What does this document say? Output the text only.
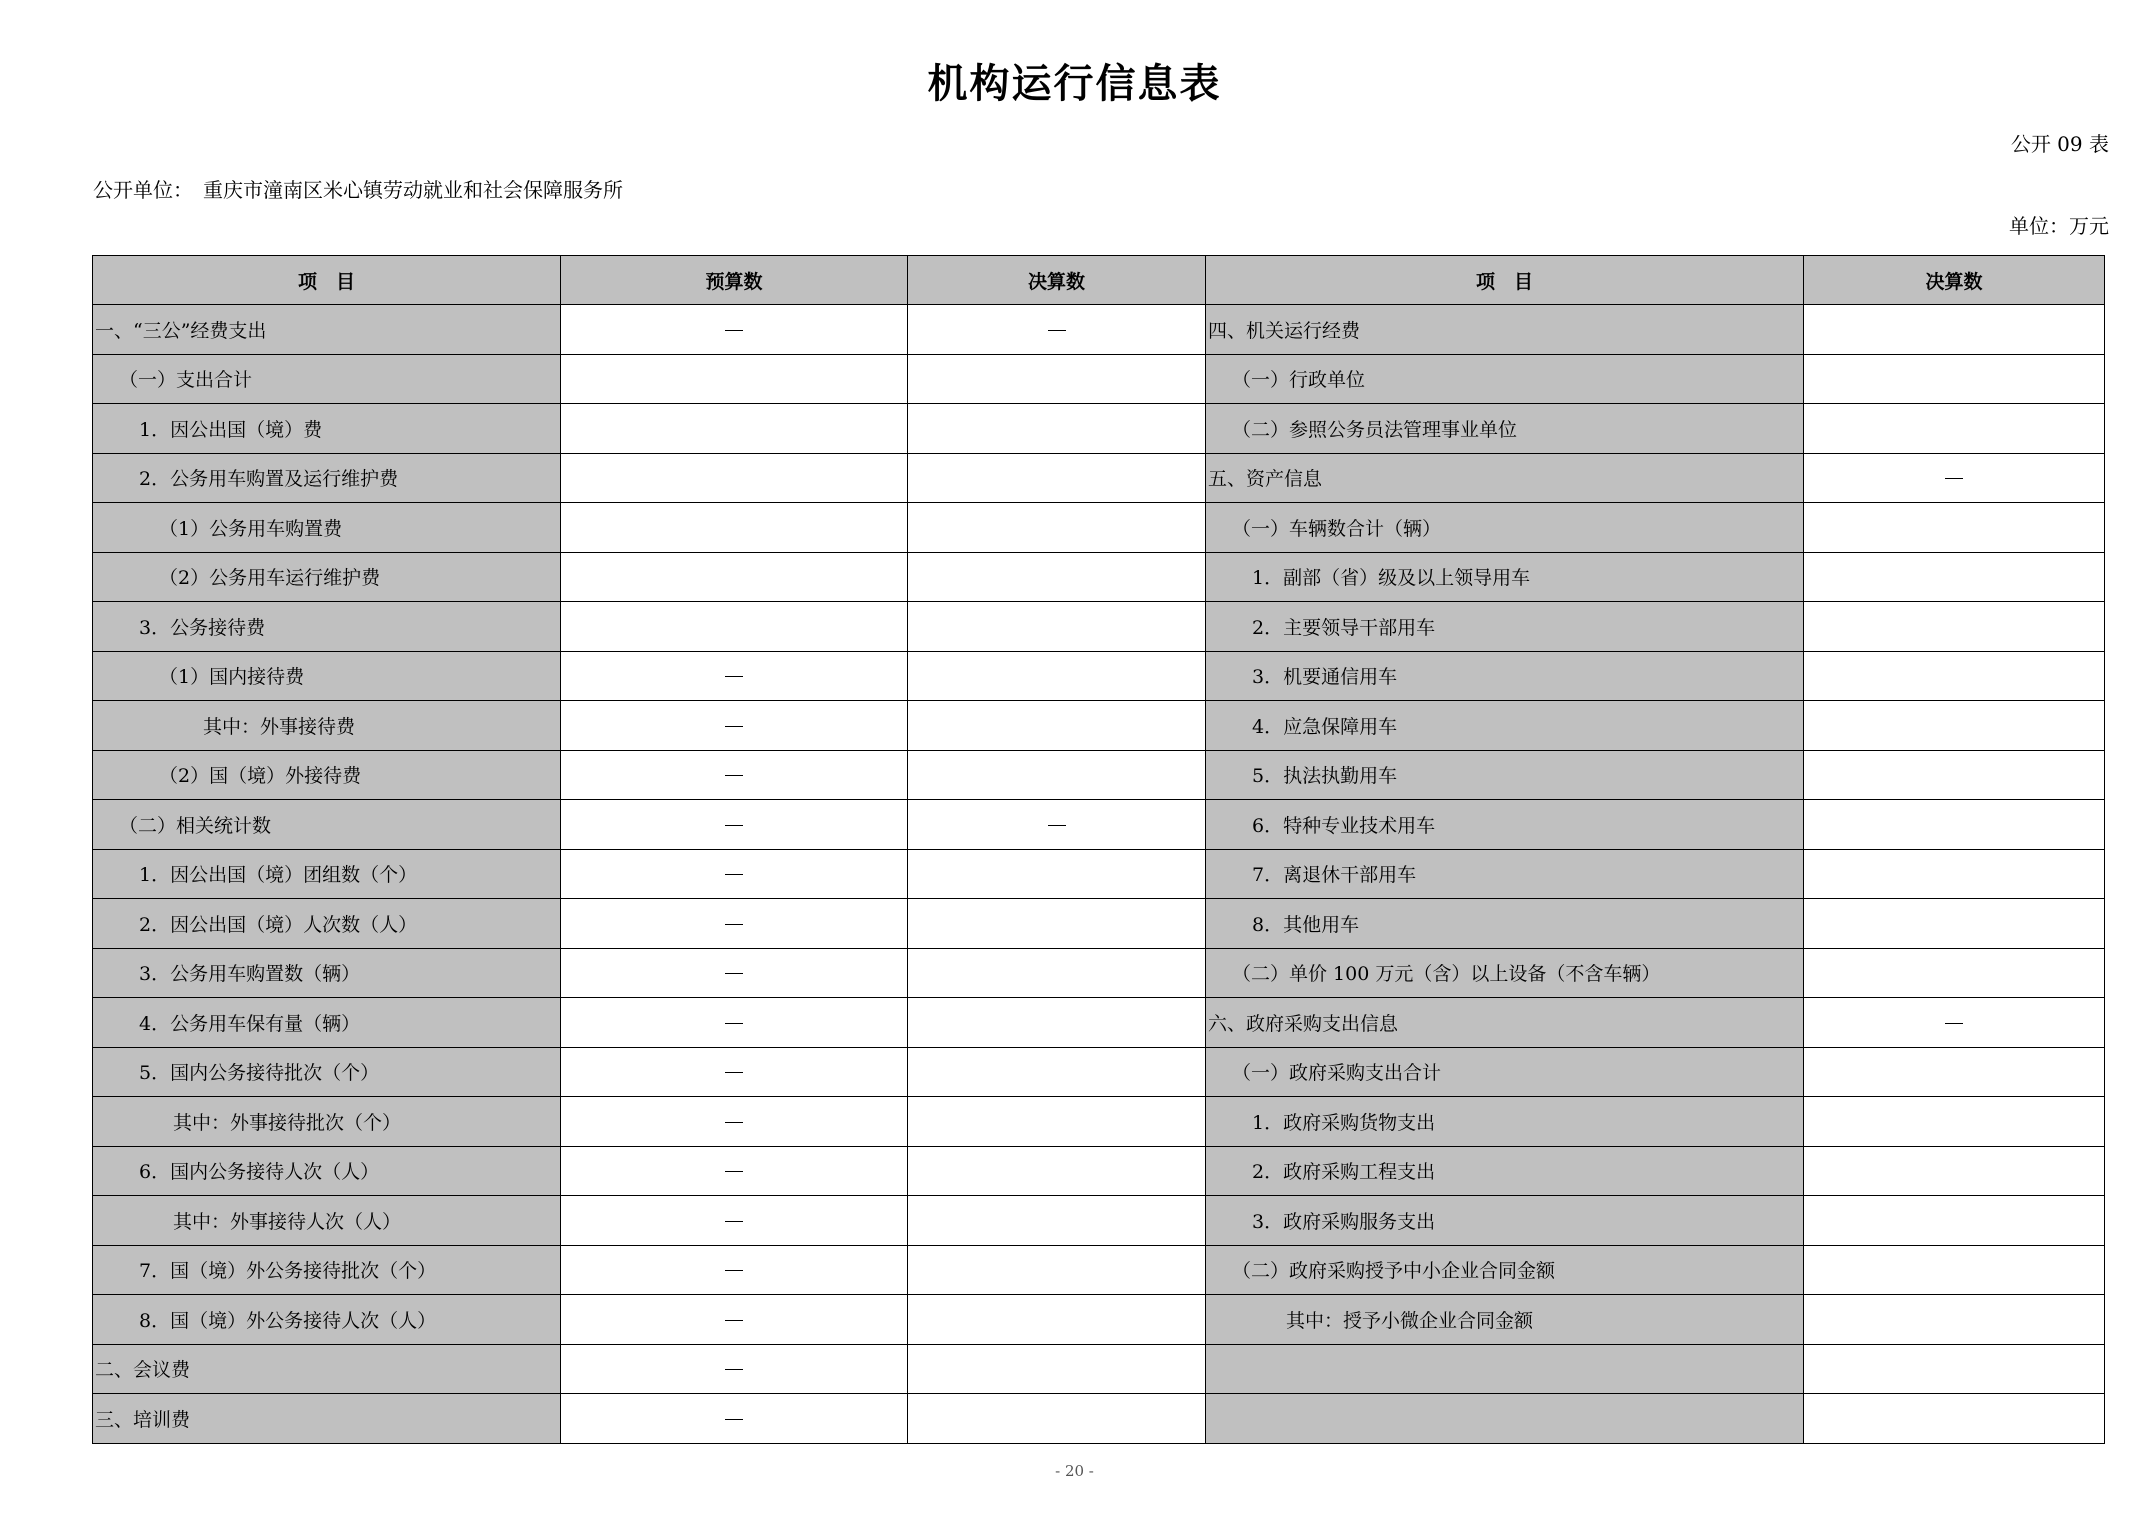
机构运行信息表
公开 09 表
公开单位： 重庆市潼南区米心镇劳动就业和社会保障服务所
单位：万元
项　目	预算数	决算数	项　目	决算数
一、“三公”经费支出			四、机关运行经费	
（一）支出合计			（一）行政单位	
1．因公出国（境）费			（二）参照公务员法管理事业单位	
2．公务用车购置及运行维护费			五、资产信息	
（1）公务用车购置费			（一）车辆数合计（辆）	
（2）公务用车运行维护费			1．副部（省）级及以上领导用车	
3．公务接待费			2．主要领导干部用车	
（1）国内接待费			3．机要通信用车	
其中：外事接待费			4．应急保障用车	
（2）国（境）外接待费			5．执法执勤用车	
（二）相关统计数			6．特种专业技术用车	
1．因公出国（境）团组数（个）			7．离退休干部用车	
2．因公出国（境）人次数（人）			8．其他用车	
3．公务用车购置数（辆）			（二）单价 100 万元（含）以上设备（不含车辆）	
4．公务用车保有量（辆）			六、政府采购支出信息	
5．国内公务接待批次（个）			（一）政府采购支出合计	
其中：外事接待批次（个）			1．政府采购货物支出	
6．国内公务接待人次（人）			2．政府采购工程支出	
其中：外事接待人次（人）			3．政府采购服务支出	
7．国（境）外公务接待批次（个）			（二）政府采购授予中小企业合同金额	
8．国（境）外公务接待人次（人）			其中：授予小微企业合同金额	
二、会议费				
三、培训费				
- 20 -
